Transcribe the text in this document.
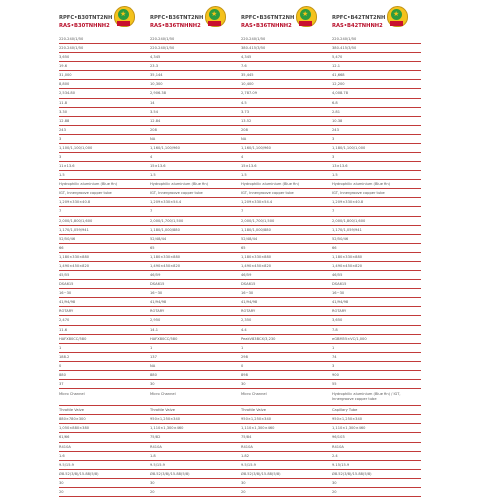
RPFC•B30TNT2NH
RAS•B30TNHNH2
★	RPFC•B36TNT2NH
RAS•B36TNHNH2
★	RPFC•B36TNT2NH
RAS•B36TNHNH2
★	RPFC•B42TNT2NH
RAS•B42TNHNH2
★
220-240/1/50	220-240/1/50	220-240/1/50	220-240/1/50
220-240/1/50	220-240/1/50	380-415/3/50	380-415/3/50
3,650	4,345	4,345	5,470
19.6	23.3	7.6	12.1
31,000	35,144	35,445	41,668
8,800	10,300	10,400	12,200
2,534.80	2,906.38	2,787.09	4,008.78
11.8	14	4.5	6.8
3.30	3.54	3.73	2.81
12.88	12.84	13.52	10.38
243	208	208	243
3	NA	NA	3
1,100/1,100/1,000	1,160/1,100/960	1,160/1,100/960	1,180/1,100/1,000
3	4	4	3
11×13.6	15×13.6	15×13.6	13×13.6
1.5	1.5	1.5	1.5
Hydrophilic aluminium (Blue fin)	Hydrophilic aluminium (Blue fin)	Hydrophilic aluminium (Blue fin)	Hydrophilic aluminium (Blue fin)
IGT, Innergroove copper tube	IGT, Innergroove copper tube	IGT, Innergroove copper tube	IGT, Innergroove copper tube
1,209×330×40.8	1,209×330×54.4	1,209×330×54.4	1,209×330×40.8
7	7	7	7
2,000/1,800/1,600	2,000/1,700/1,500	2,000/1,700/1,500	2,000/1,800/1,600
1,170/1,059/941	1,180/1,000/880	1,180/1,000/880	1,170/1,059/941
52/50/46	52/48/44	52/48/44	52/50/46
66	65	65	66
1,180×330×880	1,180×330×880	1,180×330×880	1,180×330×880
1,490×450×820	1,490×450×820	1,490×450×820	1,490×450×820
45/55	46/59	46/59	46/55
DSA615	DSA615	DSA615	DSA615
16~30	16~30	16~30	16~30
41/94/98	41/94/98	41/94/98	41/94/98
ROTARY	ROTARY	ROTARY	ROTARY
2,470	2,950	2,350	3,650
11.6	14.1	4.4	7.8
HAFX80CC/580	HAFX80CC/580	PeakV83BCX/3,230	eGBM55×VC/1,000
1	1	1	1
188.2	137	298	74
0	NA	0	3
880	880	898	900
37	30	30	55
Micro Channel	Micro Channel	Micro Channel	Hydrophilic aluminium (Blue fin) / IGT, Innergroove copper tube
Throttle Valve	Throttle Valve	Throttle Valve	Capillary Tube
880×780×300	950×1,250×340	950×1,250×340	950×1,250×340
1,050×880×380	1,110×1,300×460	1,110×1,300×460	1,110×1,300×460
61/66	75/82	75/84	96/103
R410A	R410A	R410A	R410A
1.6	1.8	1.82	2.4
9.5/15.9	9.5/15.9	9.5/15.9	9.15/15.9
Ø8.52(3/8)/15.88(5/8)	Ø8.52(3/8)/15.88(5/8)	Ø8.52(3/8)/15.88(5/8)	Ø8.52(3/8)/15.88(5/8)
30	30	30	30
20	20	20	20
